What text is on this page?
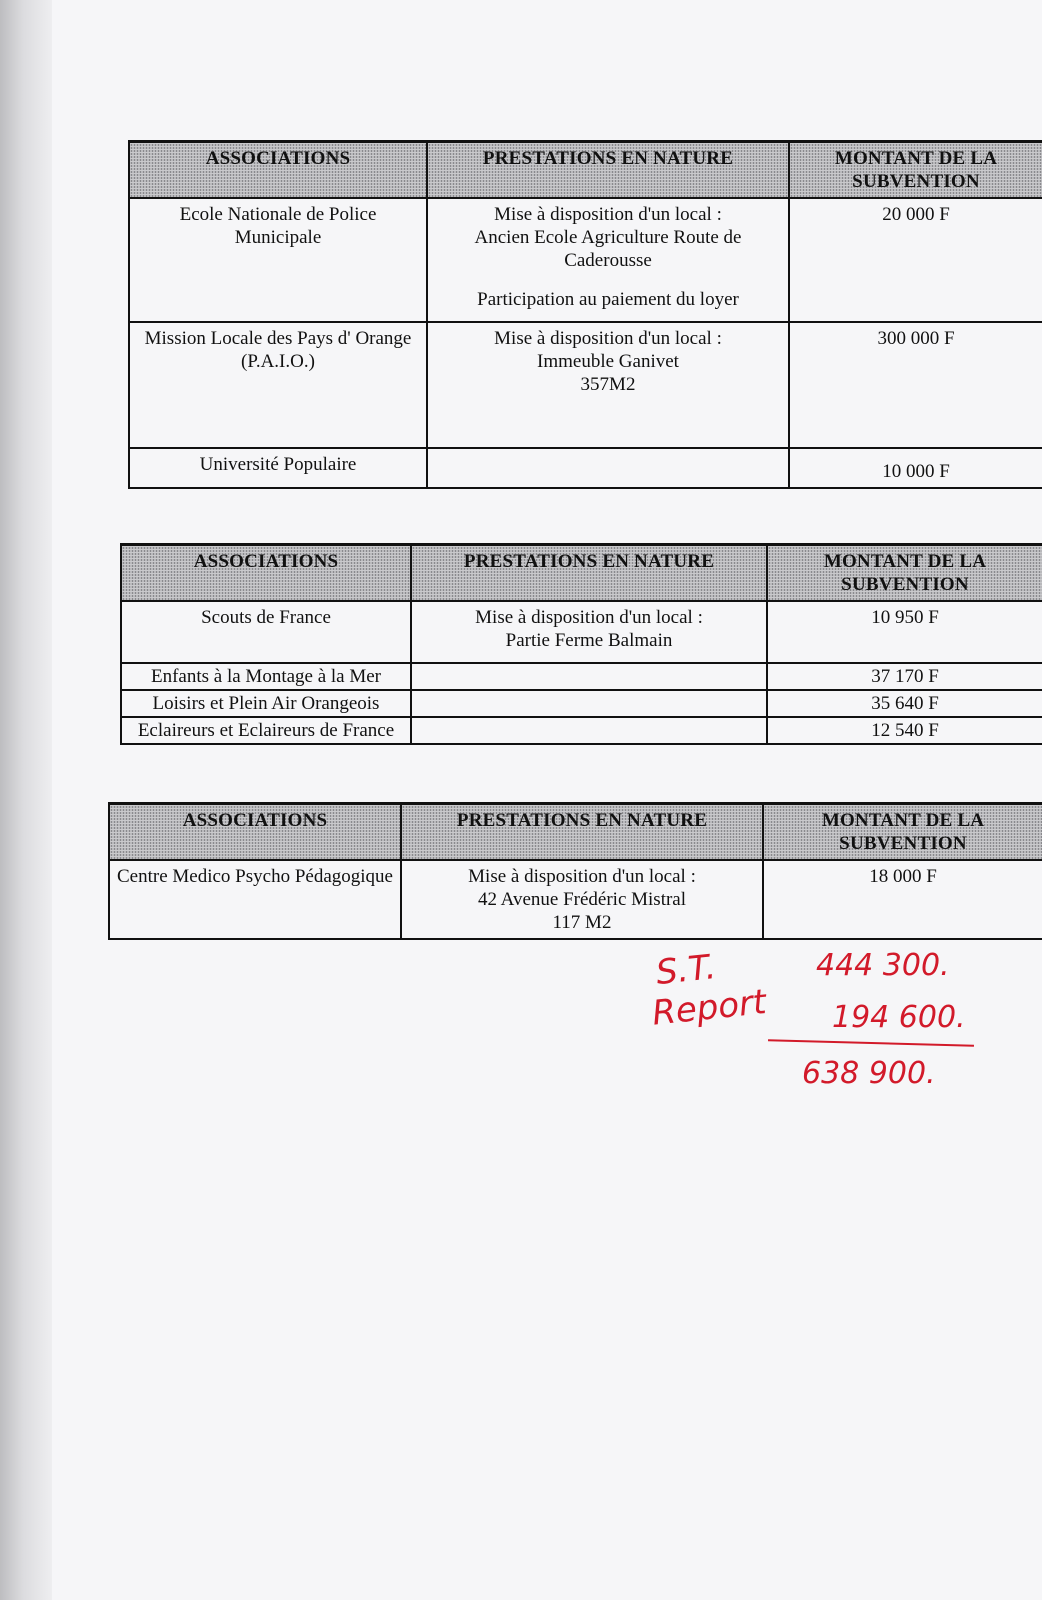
ASSOCIATIONS	PRESTATIONS EN NATURE	MONTANT DE LA SUBVENTION
Ecole Nationale de Police Municipale	Mise à disposition d'un local :
Ancien Ecole Agriculture Route de Caderousse
Participation au paiement du loyer	20 000 F
Mission Locale des Pays d' Orange (P.A.I.O.)	Mise à disposition d'un local :
Immeuble Ganivet
357M2	300 000 F
Université Populaire		10 000 F
ASSOCIATIONS	PRESTATIONS EN NATURE	MONTANT DE LA SUBVENTION
Scouts de France	Mise à disposition d'un local :
Partie Ferme Balmain	10 950 F
Enfants à la Montage à la Mer		37 170 F
Loisirs et Plein Air Orangeois		35 640 F
Eclaireurs et Eclaireurs de France		12 540 F
ASSOCIATIONS	PRESTATIONS EN NATURE	MONTANT DE LA SUBVENTION
Centre Medico Psycho Pédagogique	Mise à disposition d'un local :
42 Avenue Frédéric Mistral
117 M2	18 000 F
S.T.
Report
444 300.
194 600.
638 900.
